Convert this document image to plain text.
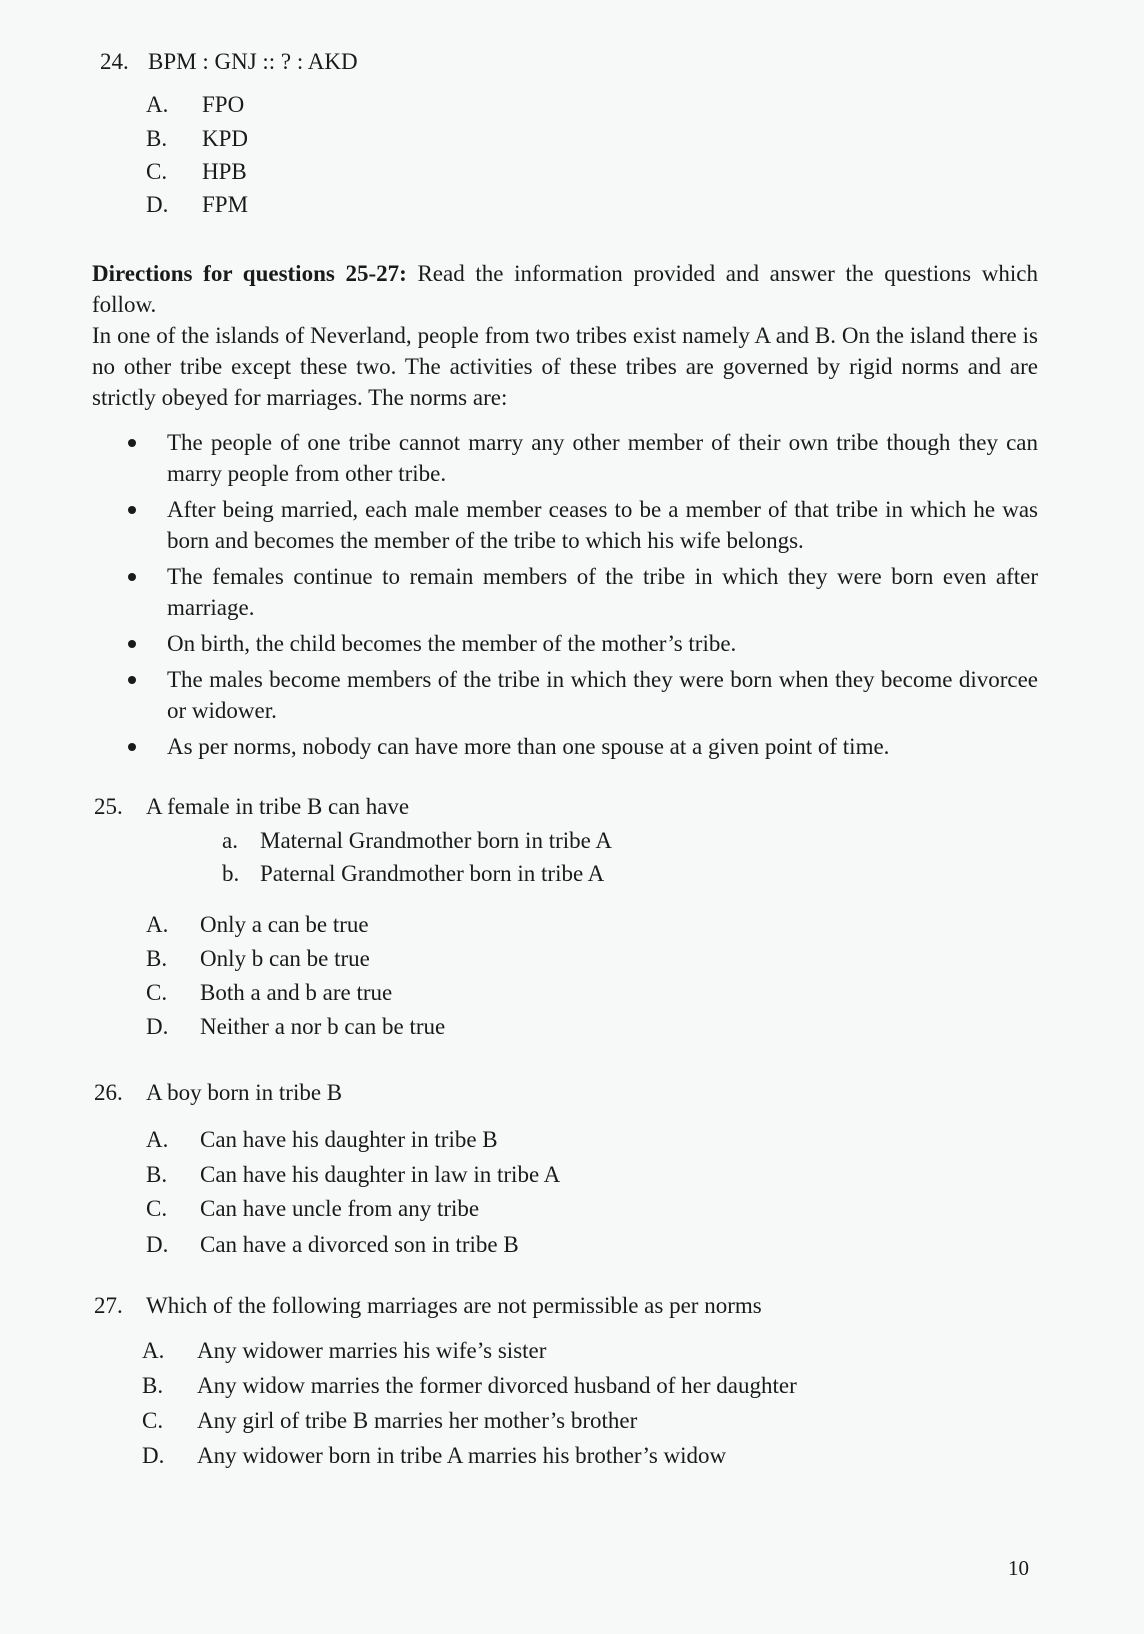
24. BPM : GNJ :: ? : AKD
A. FPO
B. KPD
C. HPB
D. FPM

Directions for questions 25-27: Read the information provided and answer the questions which follow.

In one of the islands of Neverland, people from two tribes exist namely A and B. On the island there is no other tribe except these two. The activities of these tribes are governed by rigid norms and are strictly obeyed for marriages. The norms are:

The people of one tribe cannot marry any other member of their own tribe though they can marry people from other tribe.
After being married, each male member ceases to be a member of that tribe in which he was born and becomes the member of the tribe to which his wife belongs.
The females continue to remain members of the tribe in which they were born even after marriage.
On birth, the child becomes the member of the mother’s tribe.
The males become members of the tribe in which they were born when they become divorcee or widower.
As per norms, nobody can have more than one spouse at a given point of time.
25. A female in tribe B can have
a. Maternal Grandmother born in tribe A
b. Paternal Grandmother born in tribe A
A. Only a can be true
B. Only b can be true
C. Both a and b are true
D. Neither a nor b can be true
26. A boy born in tribe B
A. Can have his daughter in tribe B
B. Can have his daughter in law in tribe A
C. Can have uncle from any tribe
D. Can have a divorced son in tribe B
27. Which of the following marriages are not permissible as per norms
A. Any widower marries his wife’s sister
B. Any widow marries the former divorced husband of her daughter
C. Any girl of tribe B marries her mother’s brother
D. Any widower born in tribe A marries his brother’s widow
10
